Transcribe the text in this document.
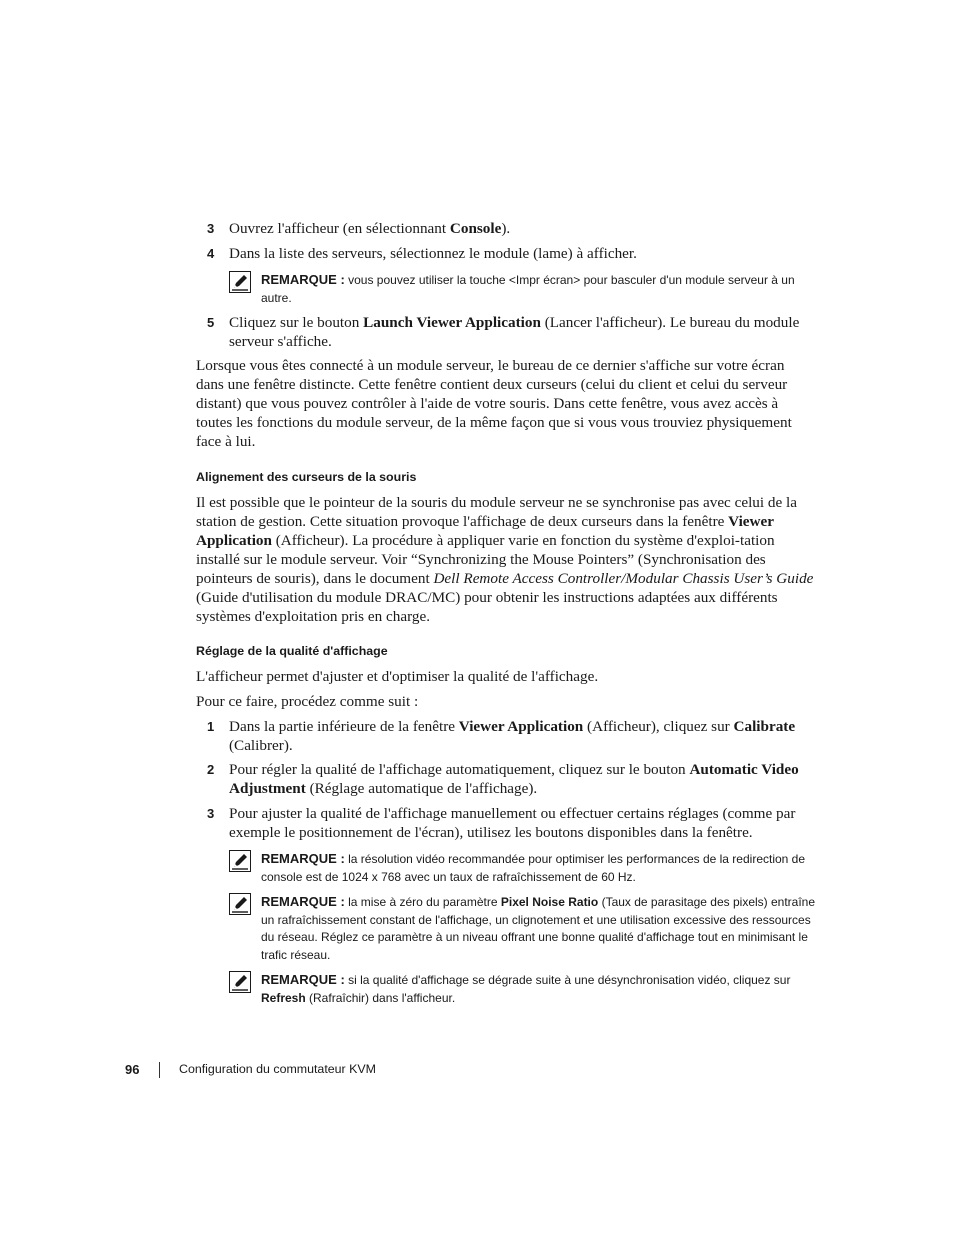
3 Ouvrez l'afficheur (en sélectionnant Console).
4 Dans la liste des serveurs, sélectionnez le module (lame) à afficher.
REMARQUE : vous pouvez utiliser la touche <Impr écran> pour basculer d'un module serveur à un autre.
5 Cliquez sur le bouton Launch Viewer Application (Lancer l'afficheur). Le bureau du module serveur s'affiche.
Lorsque vous êtes connecté à un module serveur, le bureau de ce dernier s'affiche sur votre écran dans une fenêtre distincte. Cette fenêtre contient deux curseurs (celui du client et celui du serveur distant) que vous pouvez contrôler à l'aide de votre souris. Dans cette fenêtre, vous avez accès à toutes les fonctions du module serveur, de la même façon que si vous vous trouviez physiquement face à lui.
Alignement des curseurs de la souris
Il est possible que le pointeur de la souris du module serveur ne se synchronise pas avec celui de la station de gestion. Cette situation provoque l'affichage de deux curseurs dans la fenêtre Viewer Application (Afficheur). La procédure à appliquer varie en fonction du système d'exploi-tation installé sur le module serveur. Voir “Synchronizing the Mouse Pointers” (Synchronisation des pointeurs de souris), dans le document Dell Remote Access Controller/Modular Chassis User’s Guide (Guide d'utilisation du module DRAC/MC) pour obtenir les instructions adaptées aux différents systèmes d'exploitation pris en charge.
Réglage de la qualité d'affichage
L'afficheur permet d'ajuster et d'optimiser la qualité de l'affichage.
Pour ce faire, procédez comme suit :
1 Dans la partie inférieure de la fenêtre Viewer Application (Afficheur), cliquez sur Calibrate (Calibrer).
2 Pour régler la qualité de l'affichage automatiquement, cliquez sur le bouton Automatic Video Adjustment (Réglage automatique de l'affichage).
3 Pour ajuster la qualité de l'affichage manuellement ou effectuer certains réglages (comme par exemple le positionnement de l'écran), utilisez les boutons disponibles dans la fenêtre.
REMARQUE : la résolution vidéo recommandée pour optimiser les performances de la redirection de console est de 1024 x 768 avec un taux de rafraîchissement de 60 Hz.
REMARQUE : la mise à zéro du paramètre Pixel Noise Ratio (Taux de parasitage des pixels) entraîne un rafraîchissement constant de l'affichage, un clignotement et une utilisation excessive des ressources du réseau. Réglez ce paramètre à un niveau offrant une bonne qualité d'affichage tout en minimisant le trafic réseau.
REMARQUE : si la qualité d'affichage se dégrade suite à une désynchronisation vidéo, cliquez sur Refresh (Rafraîchir) dans l'afficheur.
96	Configuration du commutateur KVM
